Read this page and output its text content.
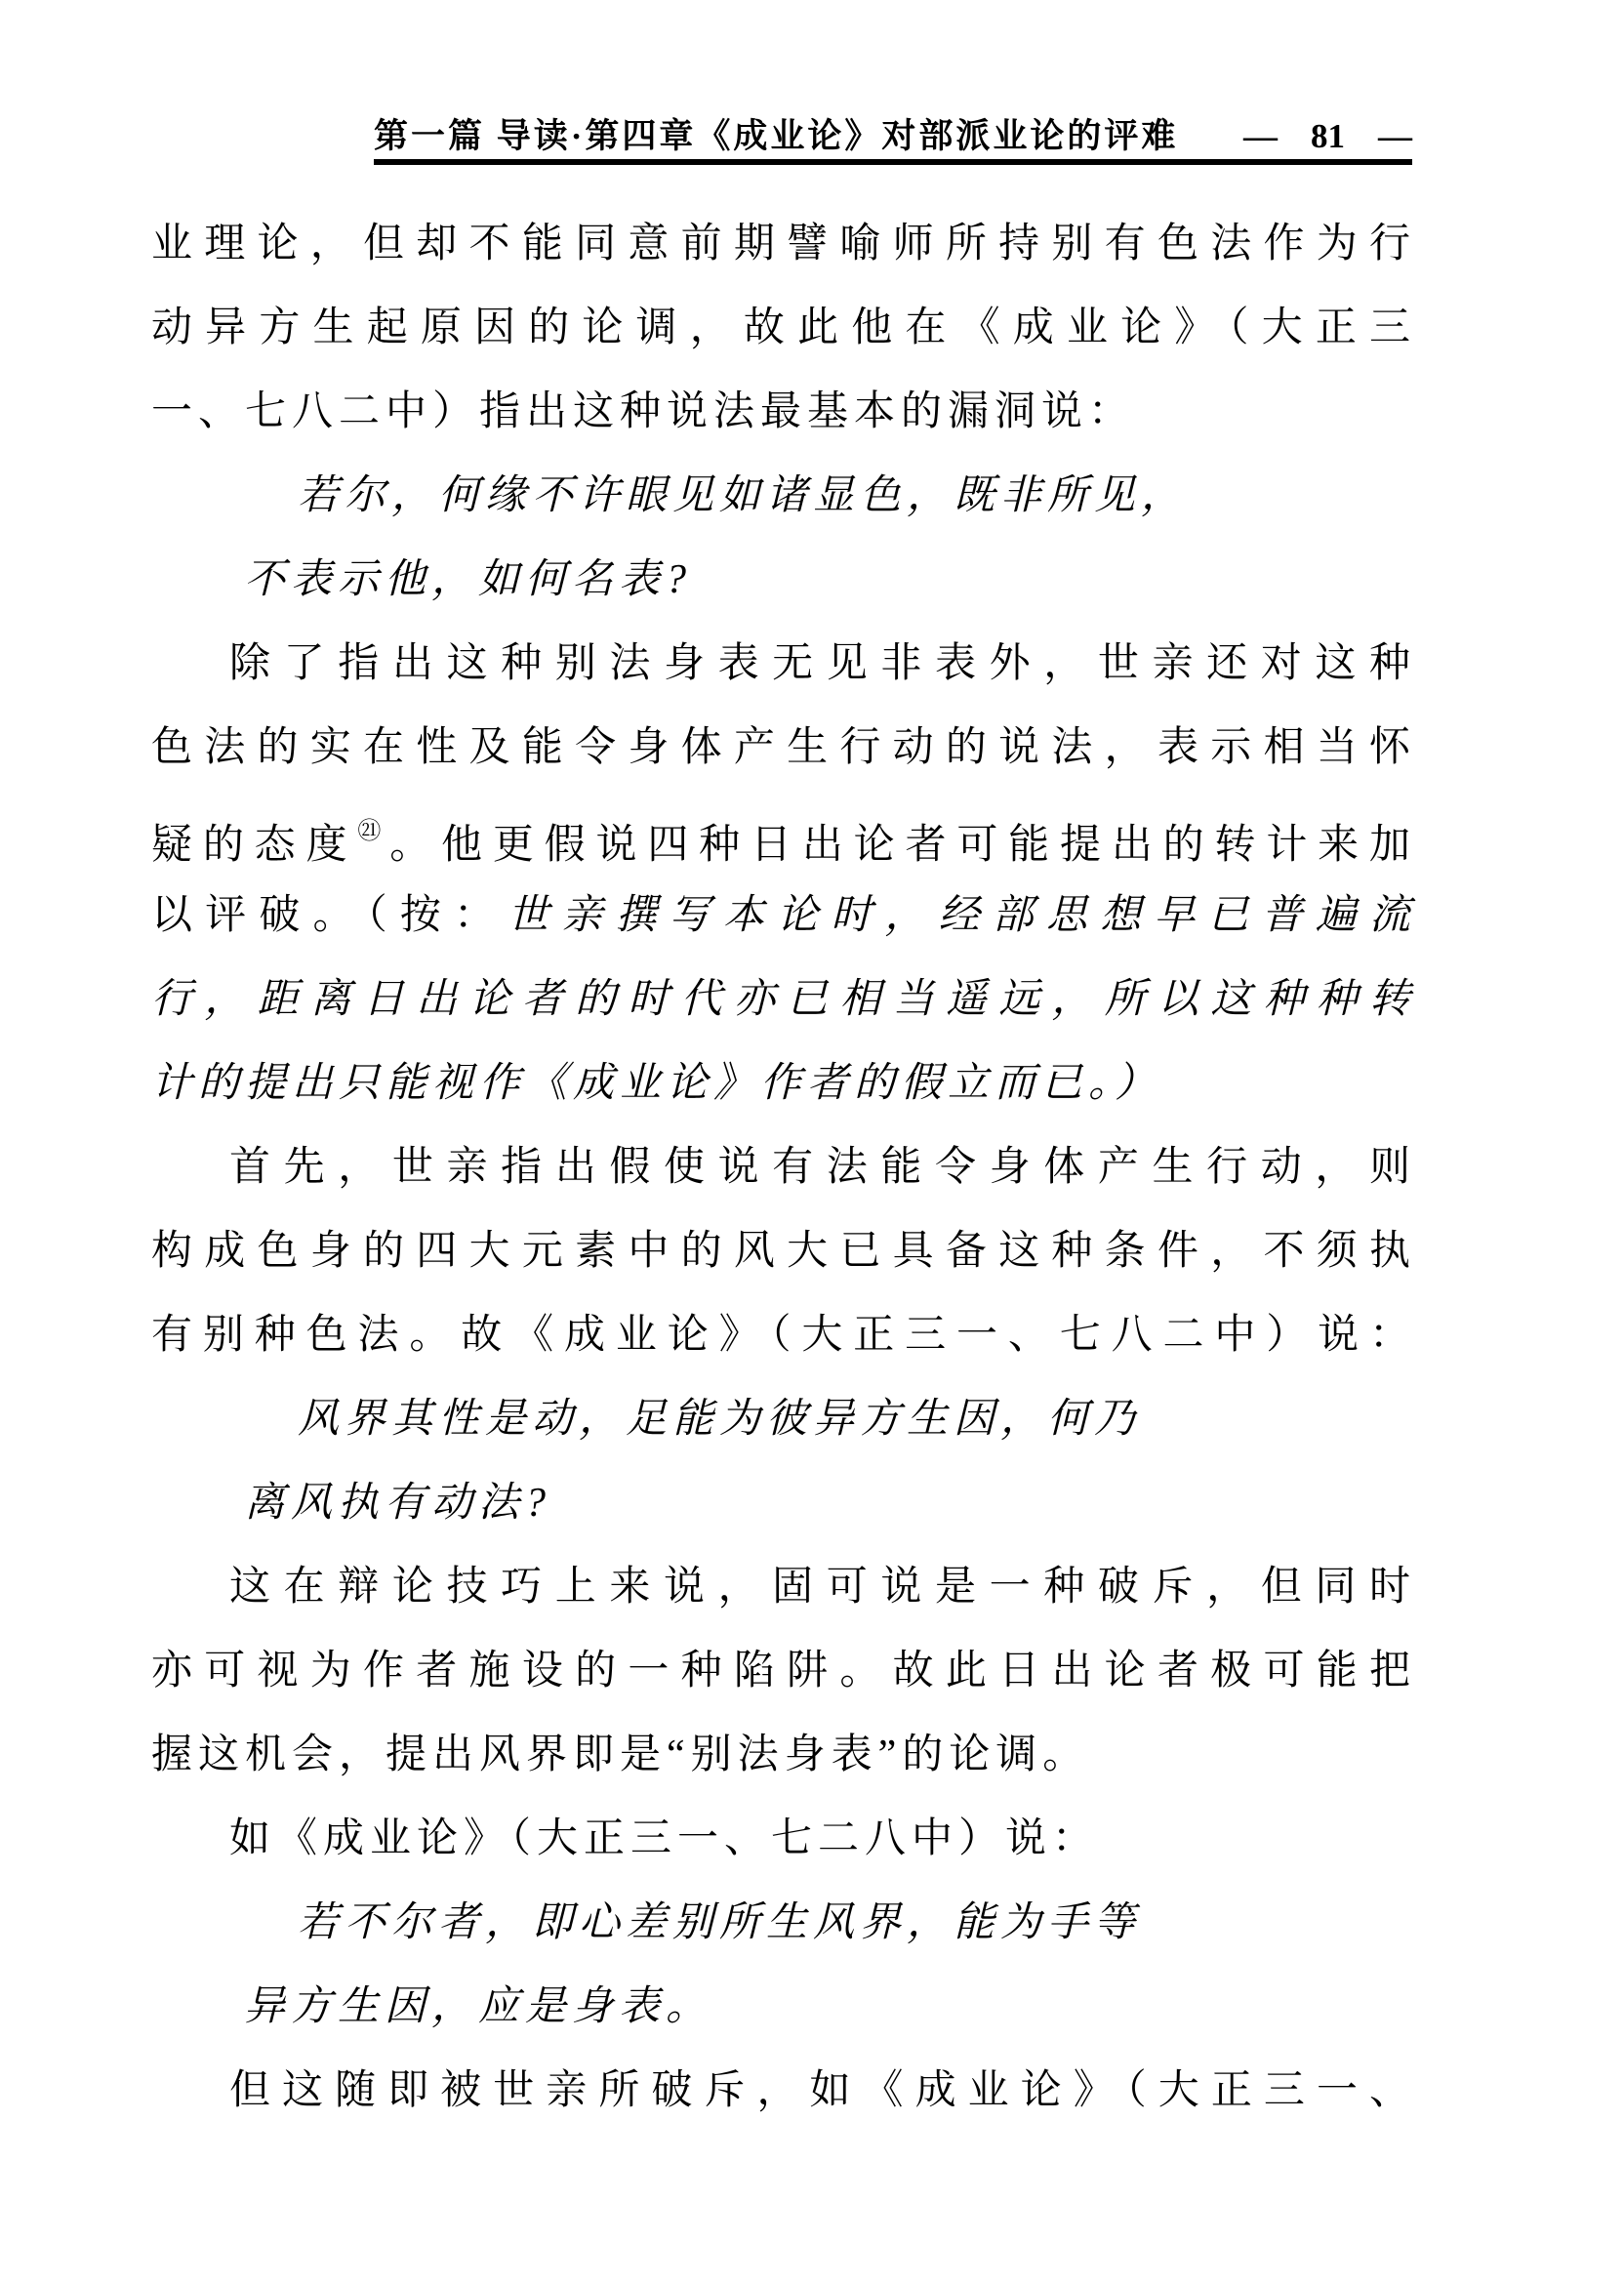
第一篇 导读·第四章《成业论》对部派业论的评难 — 81 —
业理论，但却不能同意前期譬喻师所持别有色法作为行
动异方生起原因的论调，故此他在《成业论》（大正三
一、七八二中）指出这种说法最基本的漏洞说：
若尔，何缘不许眼见如诸显色，既非所见，
不表示他，如何名表?
除了指出这种别法身表无见非表外，世亲还对这种
色法的实在性及能令身体产生行动的说法，表示相当怀
疑的态度$^㉑$。他更假说四种日出论者可能提出的转计来加
以评破。（按：世亲撰写本论时，经部思想早已普遍流
行，距离日出论者的时代亦已相当遥远，所以这种种转
计的提出只能视作《成业论》作者的假立而已。）
首先，世亲指出假使说有法能令身体产生行动，则
构成色身的四大元素中的风大已具备这种条件，不须执
有别种色法。故《成业论》（大正三一、七八二中）说：
风界其性是动，足能为彼异方生因，何乃
离风执有动法?
这在辩论技巧上来说，固可说是一种破斥，但同时
亦可视为作者施设的一种陷阱。故此日出论者极可能把
握这机会，提出风界即是“别法身表”的论调。
如《成业论》（大正三一、七二八中）说：
若不尔者，即心差别所生风界，能为手等
异方生因，应是身表。
但这随即被世亲所破斥，如《成业论》（大正三一、
